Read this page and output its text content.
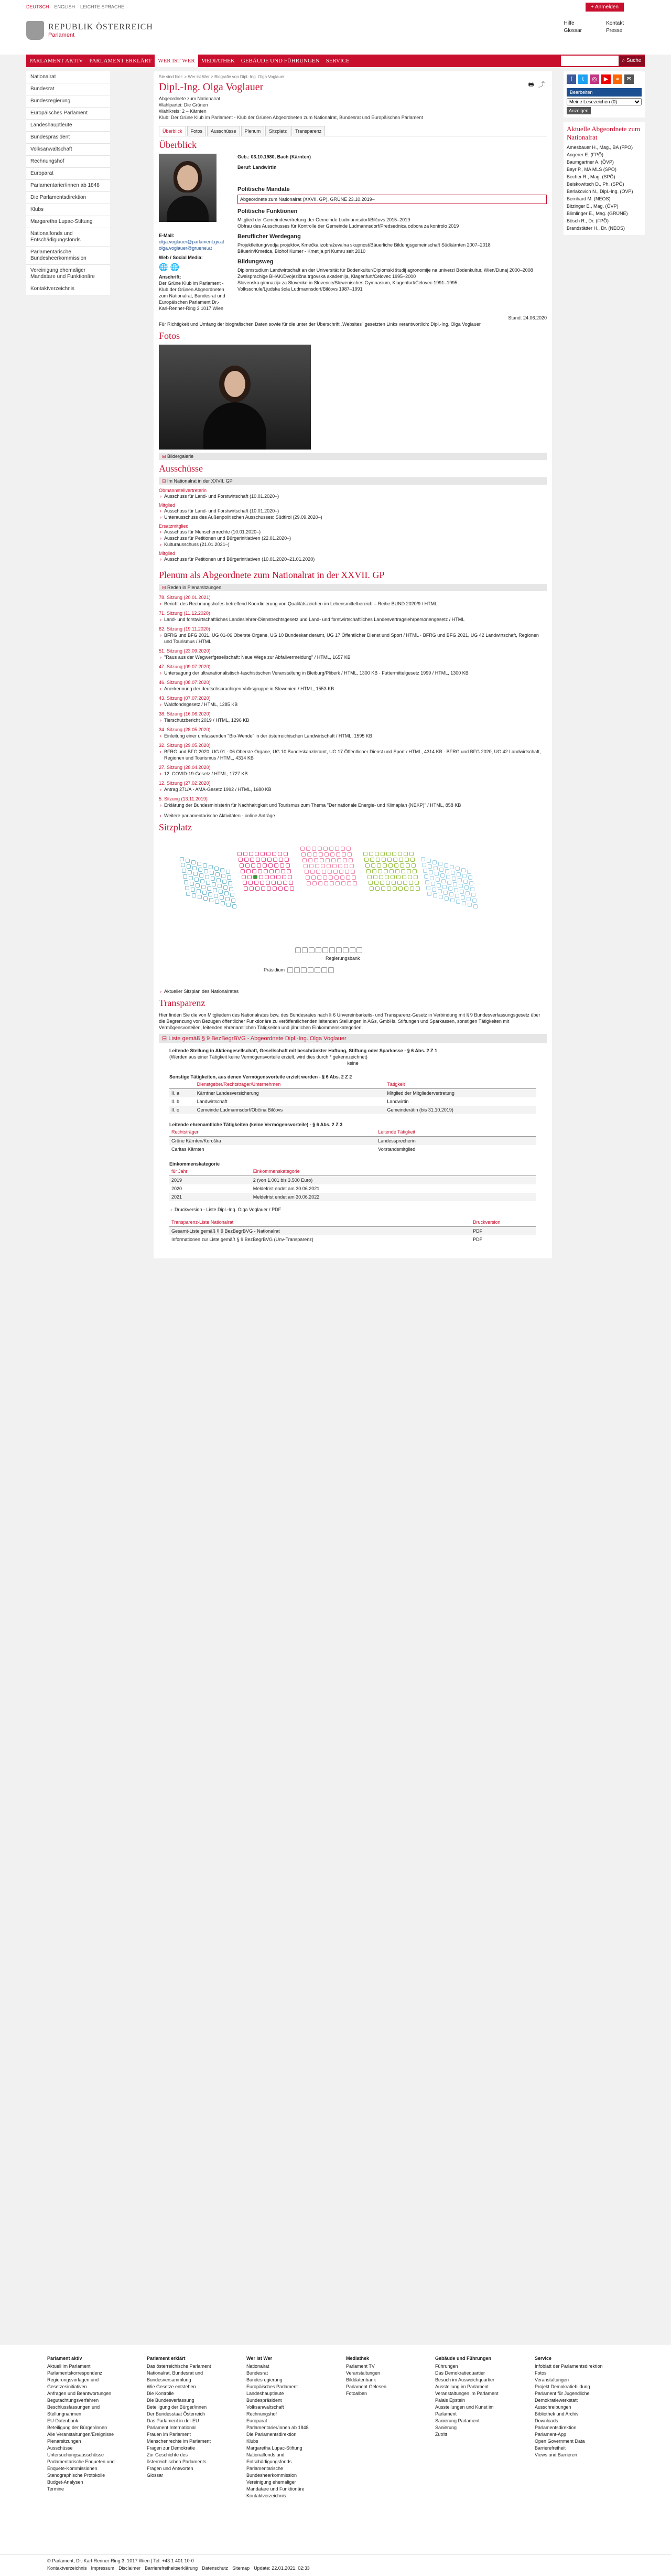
DEUTSCH ENGLISH LEICHTE SPRACHE	+ Anmelden
REPUBLIK ÖSTERREICH
Parlament
Hilfe
Glossar
Kontakt
Presse
PARLAMENT AKTIV	PARLAMENT ERKLÄRT	WER IST WER	MEDIATHEK	GEBÄUDE UND FÜHRUNGEN	SERVICE	⌕ Suche
Nationalrat
Bundesrat
Bundesregierung
Europäisches Parlament
Landeshauptleute
Bundespräsident
Volksanwaltschaft
Rechnungshof
Europarat
Parlamentarier/innen ab 1848
Die Parlamentsdirektion
Klubs
Margaretha Lupac-Stiftung
Nationalfonds und Entschädigungsfonds
Parlamentarische Bundesheerkommission
Vereinigung ehemaliger Mandatare und Funktionäre
Kontaktverzeichnis
Sie sind hier: > Wer ist Wer > Biografie von Dipl.-Ing. Olga Voglauer
🖶 ⤴
Dipl.-Ing. Olga Voglauer
Abgeordnete zum Nationalrat
Wahlpartei: Die Grünen
Wahlkreis: 2 – Kärnten
Klub: Der Grüne Klub im Parlament - Klub der Grünen Abgeordneten zum Nationalrat, Bundesrat und Europäischen Parlament
Überblick	Fotos	Ausschüsse	Plenum	Sitzplatz	Transparenz
Überblick
E-Mail:
olga.voglauer@parlament.gv.at
olga.voglauer@gruene.at
Web / Social Media:
🌐 🌐
Anschrift:
Der Grüne Klub im Parlament - Klub der Grünen Abgeordneten zum Nationalrat, Bundesrat und Europäischen Parlament Dr.-Karl-Renner-Ring 3 1017 Wien
Geb.: 03.10.1980, Bach (Kärnten)
Beruf: Landwirtin
Politische Mandate
Abgeordnete zum Nationalrat (XXVII. GP), GRÜNE 23.10.2019–
Politische Funktionen
Mitglied der Gemeindevertretung der Gemeinde Ludmannsdorf/Bilčovs 2015–2019
Obfrau des Ausschusses für Kontrolle der Gemeinde Ludmannsdorf/Predsednica odbora za kontrolo 2019
Beruflicher Werdegang
Projektleitung/vodja projektov, Kmečka izobraževalna skupnost/Bäuerliche Bildungsgemeinschaft Südkärnten 2007–2018
Bäuerin/Kmetica, Biohof Kumer - Kmetija pri Kumru seit 2010
Bildungsweg
Diplomstudium Landwirtschaft an der Universität für Bodenkultur/Diplomski študij agronomije na univerzi Bodenkultur, Wien/Dunaj 2000–2008
Zweisprachige BHAK/Dvojezična trgovska akademija, Klagenfurt/Celovec 1995–2000
Slovenska gimnazija za Slovenke in Slovence/Slowenisches Gymnasium, Klagenfurt/Celovec 1991–1995
Volksschule/Ljudska šola Ludmannsdorf/Bilčovs 1987–1991
Stand: 24.06.2020
Für Richtigkeit und Umfang der biografischen Daten sowie für die unter der Überschrift „Websites" gesetzten Links verantwortlich: Dipl.-Ing. Olga Voglauer
Fotos
⊞ Bildergalerie
Ausschüsse
⊟ Im Nationalrat in der XXVII. GP
Obmannstellvertreterin
› Ausschuss für Land- und Forstwirtschaft (10.01.2020–)
Mitglied
› Ausschuss für Land- und Forstwirtschaft (10.01.2020–)
› Unterausschuss des Außenpolitischen Ausschusses: Südtirol (29.09.2020–)
Ersatzmitglied
› Ausschuss für Menschenrechte (10.01.2020–)
› Ausschuss für Petitionen und Bürgerinitiativen (22.01.2020–)
› Kulturausschuss (21.01.2021–)
Mitglied
› Ausschuss für Petitionen und Bürgerinitiativen (10.01.2020–21.01.2020)
Plenum als Abgeordnete zum Nationalrat in der XXVII. GP
⊟ Reden in Plenarsitzungen
78. Sitzung (20.01.2021)
› Bericht des Rechnungshofes betreffend Koordinierung von Qualitätszeichen im Lebensmittelbereich – Reihe BUND 2020/9 / HTML
71. Sitzung (11.12.2020)
› Land- und forstwirtschaftliches Landeslehrer-Dienstrechtsgesetz und Land- und forstwirtschaftliches Landesvertragslehrpersonengesetz / HTML
62. Sitzung (19.11.2020)
› BFRG und BFG 2021, UG 01-06 Oberste Organe, UG 10 Bundeskanzleramt, UG 17 Öffentlicher Dienst und Sport / HTML · BFRG und BFG 2021, UG 42 Landwirtschaft, Regionen und Tourismus / HTML
51. Sitzung (23.09.2020)
› "Raus aus der Wegwerfgesellschaft: Neue Wege zur Abfallvermeidung" / HTML, 1657 KB
47. Sitzung (09.07.2020)
› Untersagung der ultranationalistisch-faschistischen Veranstaltung in Bleiburg/Pliberk / HTML, 1300 KB · Futtermittelgesetz 1999 / HTML, 1300 KB
46. Sitzung (08.07.2020)
› Anerkennung der deutschsprachigen Volksgruppe in Slowenien / HTML, 1553 KB
43. Sitzung (07.07.2020)
› Waldfondsgesetz / HTML, 1285 KB
38. Sitzung (16.06.2020)
› Tierschutzbericht 2019 / HTML, 1296 KB
34. Sitzung (28.05.2020)
› Einleitung einer umfassenden "Bio-Wende" in der österreichischen Landwirtschaft / HTML, 1595 KB
32. Sitzung (29.05.2020)
› BFRG und BFG 2020, UG 01 - 06 Oberste Organe, UG 10 Bundeskanzleramt, UG 17 Öffentlicher Dienst und Sport / HTML, 4314 KB · BFRG und BFG 2020, UG 42 Landwirtschaft, Regionen und Tourismus / HTML, 4314 KB
27. Sitzung (28.04.2020)
› 12. COVID-19-Gesetz / HTML, 1727 KB
12. Sitzung (27.02.2020)
› Antrag 271/A - AMA-Gesetz 1992 / HTML, 1680 KB
5. Sitzung (13.11.2019)
› Erklärung der Bundesministerin für Nachhaltigkeit und Tourismus zum Thema "Der nationale Energie- und Klimaplan (NEKP)" / HTML, 858 KB
› Weitere parlamentarische Aktivitäten - online Anträge
Sitzplatz
Regierungsbank
Präsidium
› Aktueller Sitzplan des Nationalrates
Transparenz
Hier finden Sie die von Mitgliedern des Nationalrates bzw. des Bundesrates nach § 6 Unvereinbarkeits- und Transparenz-Gesetz in Verbindung mit § 9 Bundesverfassungsgesetz über die Begrenzung von Bezügen öffentlicher Funktionäre zu veröffentlichenden leitenden Stellungen in AGs, GmbHs, Stiftungen und Sparkassen, sonstigen Tätigkeiten mit Vermögensvorteilen, leitenden ehrenamtlichen Tätigkeiten und jährlichen Einkommenskategorien.
⊟ Liste gemäß § 9 BezBegrBVG - Abgeordnete Dipl.-Ing. Olga Voglauer
Leitende Stellung in Aktiengesellschaft, Gesellschaft mit beschränkter Haftung, Stiftung oder Sparkasse - § 6 Abs. 2 Z 1
(Werden aus einer Tätigkeit keine Vermögensvorteile erzielt, wird dies durch * gekennzeichnet)
keine
Sonstige Tätigkeiten, aus denen Vermögensvorteile erzielt werden - § 6 Abs. 2 Z 2
	Dienstgeber/Rechtsträger/Unternehmen	Tätigkeit
II. a	Kärntner Landesversicherung	Mitglied der Mitgliedervertretung
II. b	Landwirtschaft	Landwirtin
II. c	Gemeinde Ludmannsdorf/Občina Bilčovs	Gemeinderätin (bis 31.10.2019)
Leitende ehrenamtliche Tätigkeiten (keine Vermögensvorteile) - § 6 Abs. 2 Z 3
Rechtsträger	Leitende Tätigkeit
Grüne Kärnten/Koroška	Landessprecherin
Caritas Kärnten	Vorstandsmitglied
Einkommenskategorie
für Jahr	Einkommenskategorie
2019	2 (von 1.001 bis 3.500 Euro)
2020	Meldefrist endet am 30.06.2021
2021	Meldefrist endet am 30.06.2022
› Druckversion - Liste Dipl.-Ing. Olga Voglauer / PDF
Transparenz-Liste Nationalrat	Druckversion
Gesamt-Liste gemäß § 9 BezBegrBVG - Nationalrat	PDF
Informationen zur Liste gemäß § 9 BezBegrBVG (Unv-Transparenz)	PDF
f	t	◎	▶	≈	✉
Bearbeiten
Meine Lesezeichen (0) Anzeigen
Aktuelle Abgeordnete zum Nationalrat
Amesbauer H., Mag., BA (FPÖ)
Angerer E. (FPÖ)
Baumgartner A. (ÖVP)
Bayr P., MA MLS (SPÖ)
Becher R., Mag. (SPÖ)
Beiskowitsch D., Ph. (SPÖ)
Berlakovich N., Dipl.-Ing. (ÖVP)
Bernhard M. (NEOS)
Bitzinger E., Mag. (ÖVP)
Blimlinger E., Mag. (GRÜNE)
Bösch R., Dr. (FPÖ)
Brandstätter H., Dr. (NEOS)
Parlament aktiv
Aktuell im Parlament
Parlamentskorrespondenz
Regierungsvorlagen und Gesetzesinitiativen
Anfragen und Beantwortungen
Begutachtungsverfahren
Beschlussfassungen und Stellungnahmen
EU-Datenbank
Beteiligung der Bürger/innen
Alle Veranstaltungen/Ereignisse
Plenarsitzungen
Ausschüsse
Untersuchungsausschüsse
Parlamentarische Enqueten und Enquete-Kommissionen
Stenographische Protokolle
Budget-Analysen
Termine
Parlament erklärt
Das österreichische Parlament
Nationalrat, Bundesrat und Bundesversammlung
Wie Gesetze entstehen
Die Kontrolle
Die Bundesverfassung
Beteiligung der Bürger/innen
Der Bundesstaat Österreich
Das Parlament in der EU
Parlament International
Frauen im Parlament
Menschenrechte im Parlament
Fragen zur Demokratie
Zur Geschichte des österreichischen Parlaments
Fragen und Antworten
Glossar
Wer ist Wer
Nationalrat
Bundesrat
Bundesregierung
Europäisches Parlament
Landeshauptleute
Bundespräsident
Volksanwaltschaft
Rechnungshof
Europarat
Parlamentarier/innen ab 1848
Die Parlamentsdirektion
Klubs
Margaretha Lupac-Stiftung
Nationalfonds und Entschädigungsfonds
Parlamentarische Bundesheerkommission
Vereinigung ehemaliger Mandatare und Funktionäre
Kontaktverzeichnis
Mediathek
Parlament TV
Veranstaltungen
Bilddatenbank
Parlament Gelesen
Fotoalben
Gebäude und Führungen
Führungen
Das Demokratiequartier
Besuch im Ausweichquartier
Ausstellung im Parlament
Veranstaltungen im Parlament
Palais Epstein
Ausstellungen und Kunst im Parlament
Sanierung Parlament
Sanierung
Zutritt
Service
Infoblatt der Parlamentsdirektion
Fotos
Veranstaltungen
Projekt Demokratiebildung
Parlament für Jugendliche
Demokratiewerkstatt
Ausschreibungen
Bibliothek und Archiv
Downloads
Parlamentsdirektion
Parlament-App
Open Government Data
Barrierefreiheit
Views und Barrieren
© Parlament, Dr.-Karl-Renner-Ring 3, 1017 Wien | Tel. +43 1 401 10-0
Kontaktverzeichnis Impressum Disclaimer Barrierefreiheitserklärung Datenschutz Sitemap Update: 22.01.2021, 02:33
